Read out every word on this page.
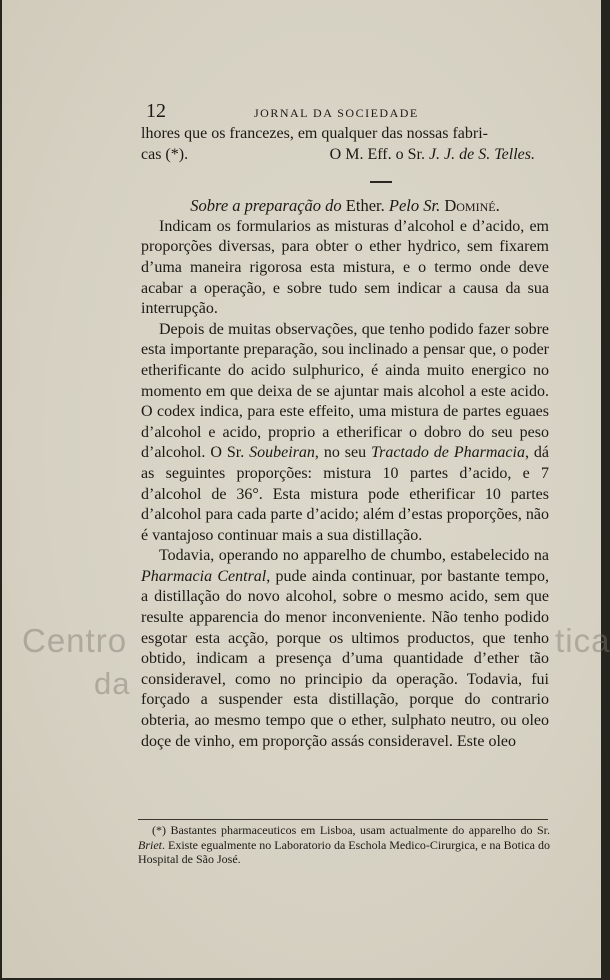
Centro	tica
da
12	JORNAL DA SOCIEDADE

lhores que os francezes, em qualquer das nossas fabri-

cas (*).	O M. Eff. o Sr. J. J. de S. Telles.

Sobre a preparação do Ether. Pelo Sr. Dominé.

Indicam os formularios as misturas d’alcohol e d’acido, em proporções diversas, para obter o ether hydrico, sem fixarem d’uma maneira rigorosa esta mistura, e o termo onde deve acabar a operação, e sobre tudo sem indicar a causa da sua interrupção.

Depois de muitas observações, que tenho podido fazer sobre esta importante preparação, sou inclinado a pensar que, o poder etherificante do acido sulphurico, é ainda muito energico no momento em que deixa de se ajuntar mais alcohol a este acido. O codex indica, para este effeito, uma mistura de partes eguaes d’alcohol e acido, proprio a etherificar o dobro do seu peso d’alcohol. O Sr. Soubeiran, no seu Tractado de Pharmacia, dá as seguintes proporções: mistura 10 partes d’acido, e 7 d’alcohol de 36°. Esta mistura pode etherificar 10 partes d’alcohol para cada parte d’acido; além d’estas proporções, não é vantajoso continuar mais a sua distillação.

Todavia, operando no apparelho de chumbo, estabelecido na Pharmacia Central, pude ainda continuar, por bastante tempo, a distillação do novo alcohol, sobre o mesmo acido, sem que resulte apparencia do menor inconveniente. Não tenho podido esgotar esta acção, porque os ultimos productos, que tenho obtido, indicam a presença d’uma quantidade d’ether tão consideravel, como no principio da operação. Todavia, fui forçado a suspender esta distillação, porque do contrario obteria, ao mesmo tempo que o ether, sulphato neutro, ou oleo doçe de vinho, em proporção assás consideravel. Este oleo

(*) Bastantes pharmaceuticos em Lisboa, usam actualmente do apparelho do Sr. Briet. Existe egualmente no Laboratorio da Eschola Medico-Cirurgica, e na Botica do Hospital de São José.
